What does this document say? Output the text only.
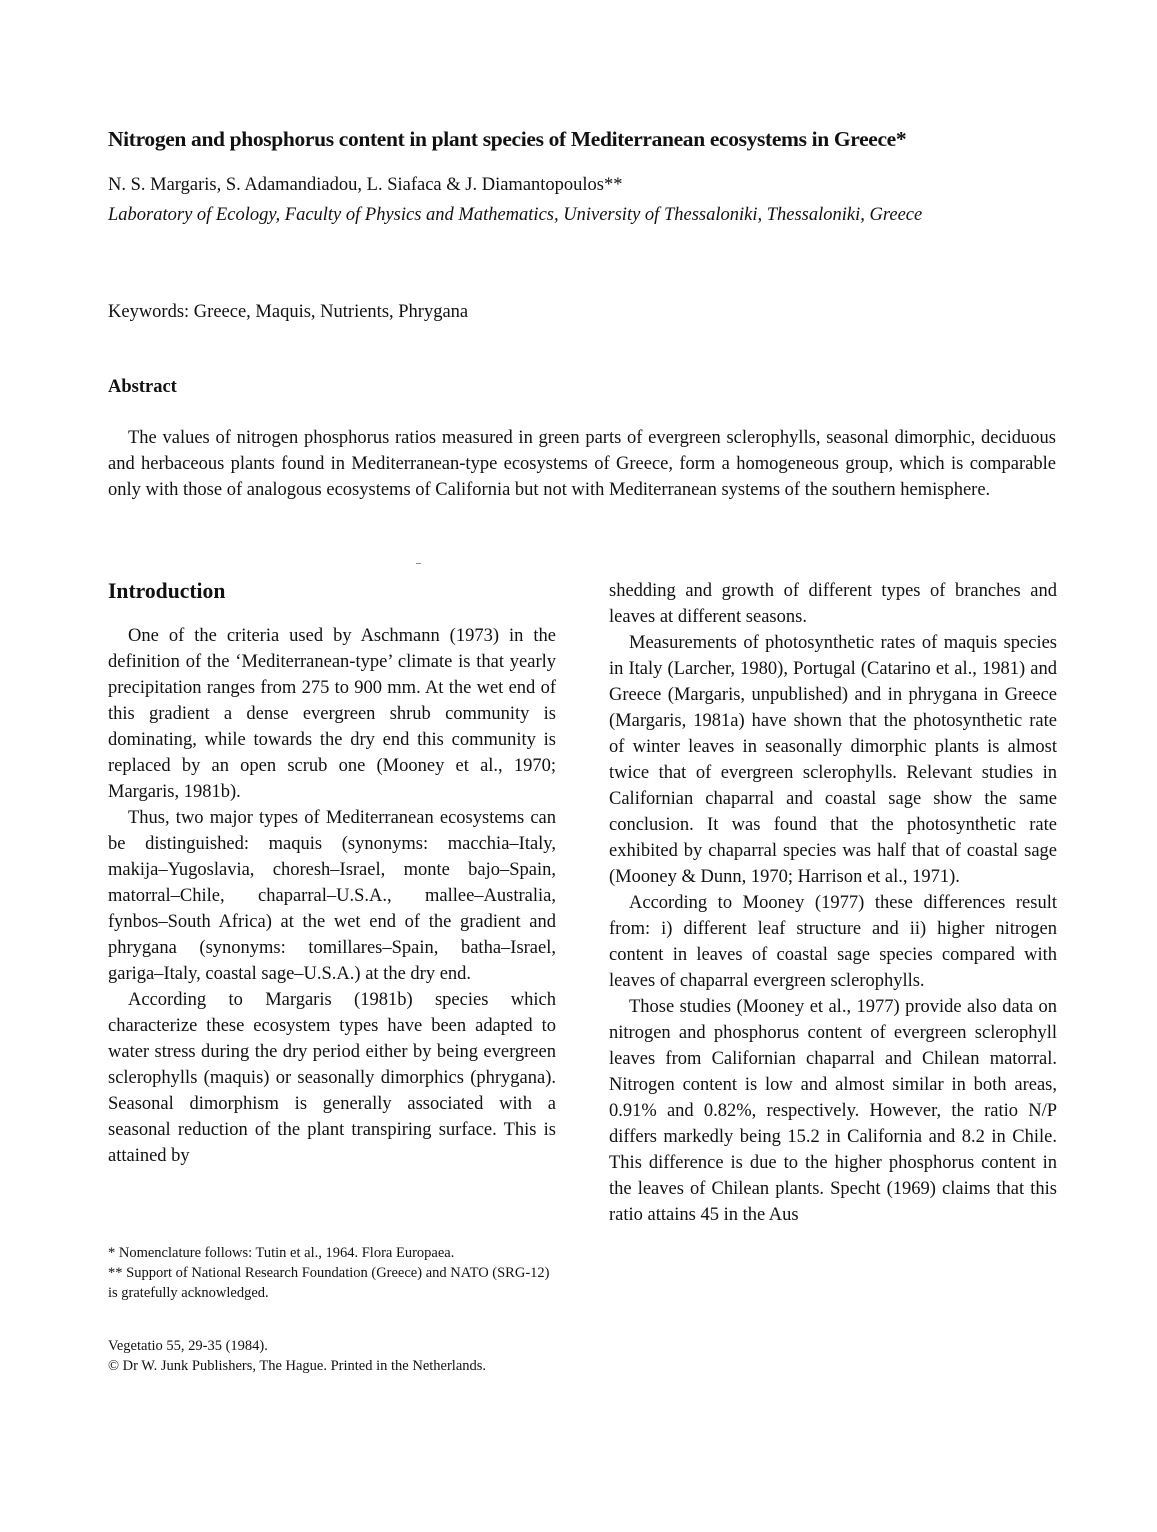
Nitrogen and phosphorus content in plant species of Mediterranean ecosystems in Greece*

N. S. Margaris, S. Adamandiadou, L. Siafaca & J. Diamantopoulos**

Laboratory of Ecology, Faculty of Physics and Mathematics, University of Thessaloniki, Thessaloniki, Greece

Keywords: Greece, Maquis, Nutrients, Phrygana

Abstract

The values of nitrogen phosphorus ratios measured in green parts of evergreen sclerophylls, seasonal dimorphic, deciduous and herbaceous plants found in Mediterranean-type ecosystems of Greece, form a homogeneous group, which is comparable only with those of analogous ecosystems of California but not with Mediterranean systems of the southern hemisphere.

Introduction

One of the criteria used by Aschmann (1973) in the definition of the ‘Mediterranean-type’ climate is that yearly precipitation ranges from 275 to 900 mm. At the wet end of this gradient a dense evergreen shrub community is dominating, while towards the dry end this community is replaced by an open scrub one (Mooney et al., 1970; Margaris, 1981b).

Thus, two major types of Mediterranean ecosystems can be distinguished: maquis (synonyms: macchia–Italy, makija–Yugoslavia, choresh–Israel, monte bajo–Spain, matorral–Chile, chaparral–U.S.A., mallee–Australia, fynbos–South Africa) at the wet end of the gradient and phrygana (synonyms: tomillares–Spain, batha–Israel, gariga–Italy, coastal sage–U.S.A.) at the dry end.

According to Margaris (1981b) species which characterize these ecosystem types have been adapted to water stress during the dry period either by being evergreen sclerophylls (maquis) or seasonally dimorphics (phrygana). Seasonal dimorphism is generally associated with a seasonal reduction of the plant transpiring surface. This is attained by

shedding and growth of different types of branches and leaves at different seasons.

Measurements of photosynthetic rates of maquis species in Italy (Larcher, 1980), Portugal (Catarino et al., 1981) and Greece (Margaris, unpublished) and in phrygana in Greece (Margaris, 1981a) have shown that the photosynthetic rate of winter leaves in seasonally dimorphic plants is almost twice that of evergreen sclerophylls. Relevant studies in Californian chaparral and coastal sage show the same conclusion. It was found that the photosynthetic rate exhibited by chaparral species was half that of coastal sage (Mooney & Dunn, 1970; Harrison et al., 1971).

According to Mooney (1977) these differences result from: i) different leaf structure and ii) higher nitrogen content in leaves of coastal sage species compared with leaves of chaparral evergreen sclerophylls.

Those studies (Mooney et al., 1977) provide also data on nitrogen and phosphorus content of evergreen sclerophyll leaves from Californian chaparral and Chilean matorral. Nitrogen content is low and almost similar in both areas, 0.91% and 0.82%, respectively. However, the ratio N/P differs markedly being 15.2 in California and 8.2 in Chile. This difference is due to the higher phosphorus content in the leaves of Chilean plants. Specht (1969) claims that this ratio attains 45 in the Aus

* Nomenclature follows: Tutin et al., 1964. Flora Europaea.

** Support of National Research Foundation (Greece) and NATO (SRG-12) is gratefully acknowledged.

Vegetatio 55, 29-35 (1984).

© Dr W. Junk Publishers, The Hague. Printed in the Netherlands.
